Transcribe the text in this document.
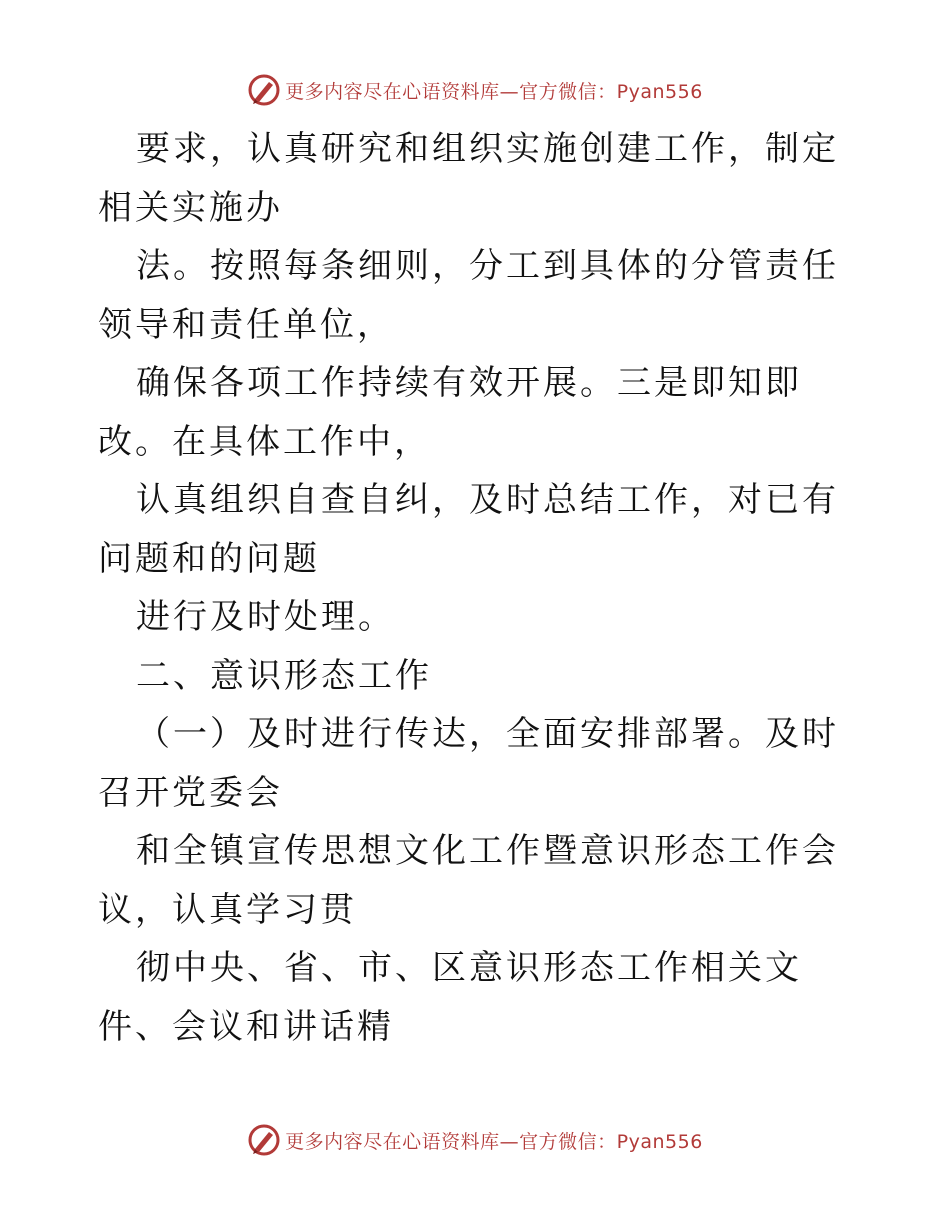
更多内容尽在心语资料库—官方微信：Pyan556

要求，认真研究和组织实施创建工作，制定相关实施办

法。按照每条细则，分工到具体的分管责任领导和责任单位，

确保各项工作持续有效开展。三是即知即改。在具体工作中，

认真组织自查自纠，及时总结工作，对已有问题和的问题

进行及时处理。

二、意识形态工作

（一）及时进行传达，全面安排部署。及时召开党委会

和全镇宣传思想文化工作暨意识形态工作会议，认真学习贯

彻中央、省、市、区意识形态工作相关文件、会议和讲话精

更多内容尽在心语资料库—官方微信：Pyan556
